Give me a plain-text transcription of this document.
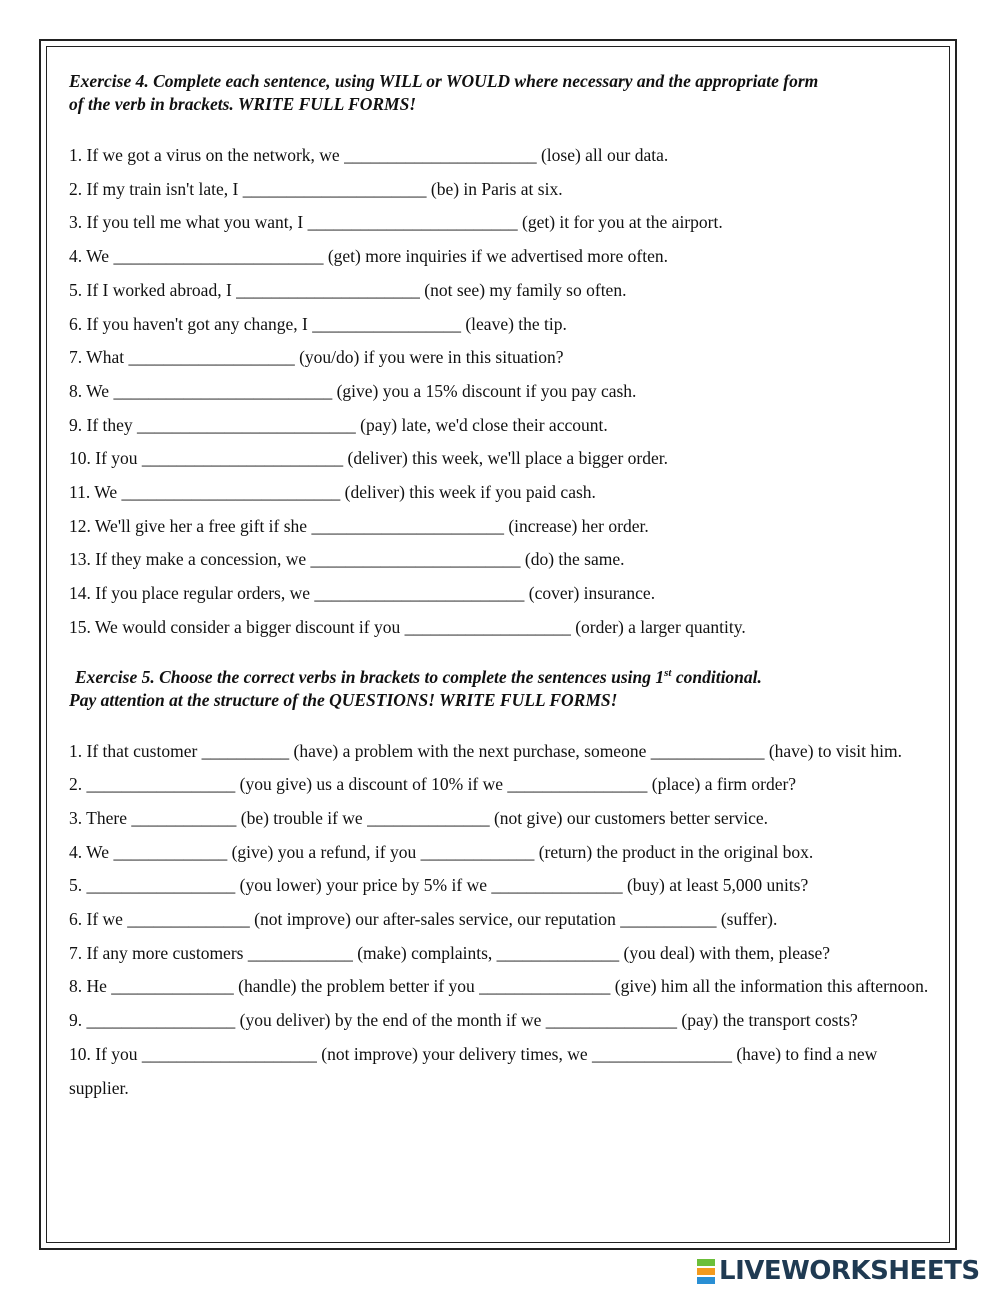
Exercise 4. Complete each sentence, using WILL or WOULD where necessary and the appropriate form
of the verb in brackets. WRITE FULL FORMS!

1. If we got a virus on the network, we ______________________ (lose) all our data.
2. If my train isn't late, I _____________________ (be) in Paris at six.
3. If you tell me what you want, I ________________________ (get) it for you at the airport.
4. We ________________________ (get) more inquiries if we advertised more often.
5. If I worked abroad, I _____________________ (not see) my family so often.
6. If you haven't got any change, I _________________ (leave) the tip.
7. What ___________________ (you/do) if you were in this situation?
8. We _________________________ (give) you a 15% discount if you pay cash.
9. If they _________________________ (pay) late, we'd close their account.
10. If you _______________________ (deliver) this week, we'll place a bigger order.
11. We _________________________ (deliver) this week if you paid cash.
12. We'll give her a free gift if she ______________________ (increase) her order.
13. If they make a concession, we ________________________ (do) the same.
14. If you place regular orders, we ________________________ (cover) insurance.
15. We would consider a bigger discount if you ___________________ (order) a larger quantity.

Exercise 5. Choose the correct verbs in brackets to complete the sentences using 1st conditional.
Pay attention at the structure of the QUESTIONS! WRITE FULL FORMS!

1. If that customer __________ (have) a problem with the next purchase, someone _____________ (have) to visit him.
2. _________________ (you give) us a discount of 10% if we ________________ (place) a firm order?
3. There ____________ (be) trouble if we ______________ (not give) our customers better service.
4. We _____________ (give) you a refund, if you _____________ (return) the product in the original box.
5. _________________ (you lower) your price by 5% if we _______________ (buy) at least 5,000 units?
6. If we ______________ (not improve) our after-sales service, our reputation ___________ (suffer).
7. If any more customers ____________ (make) complaints, ______________ (you deal) with them, please?
8. He ______________ (handle) the problem better if you _______________ (give) him all the information this afternoon.
9. _________________ (you deliver) by the end of the month if we _______________ (pay) the transport costs?
10. If you ____________________ (not improve) your delivery times, we ________________ (have) to find a new supplier.
LIVEWORKSHEETS
